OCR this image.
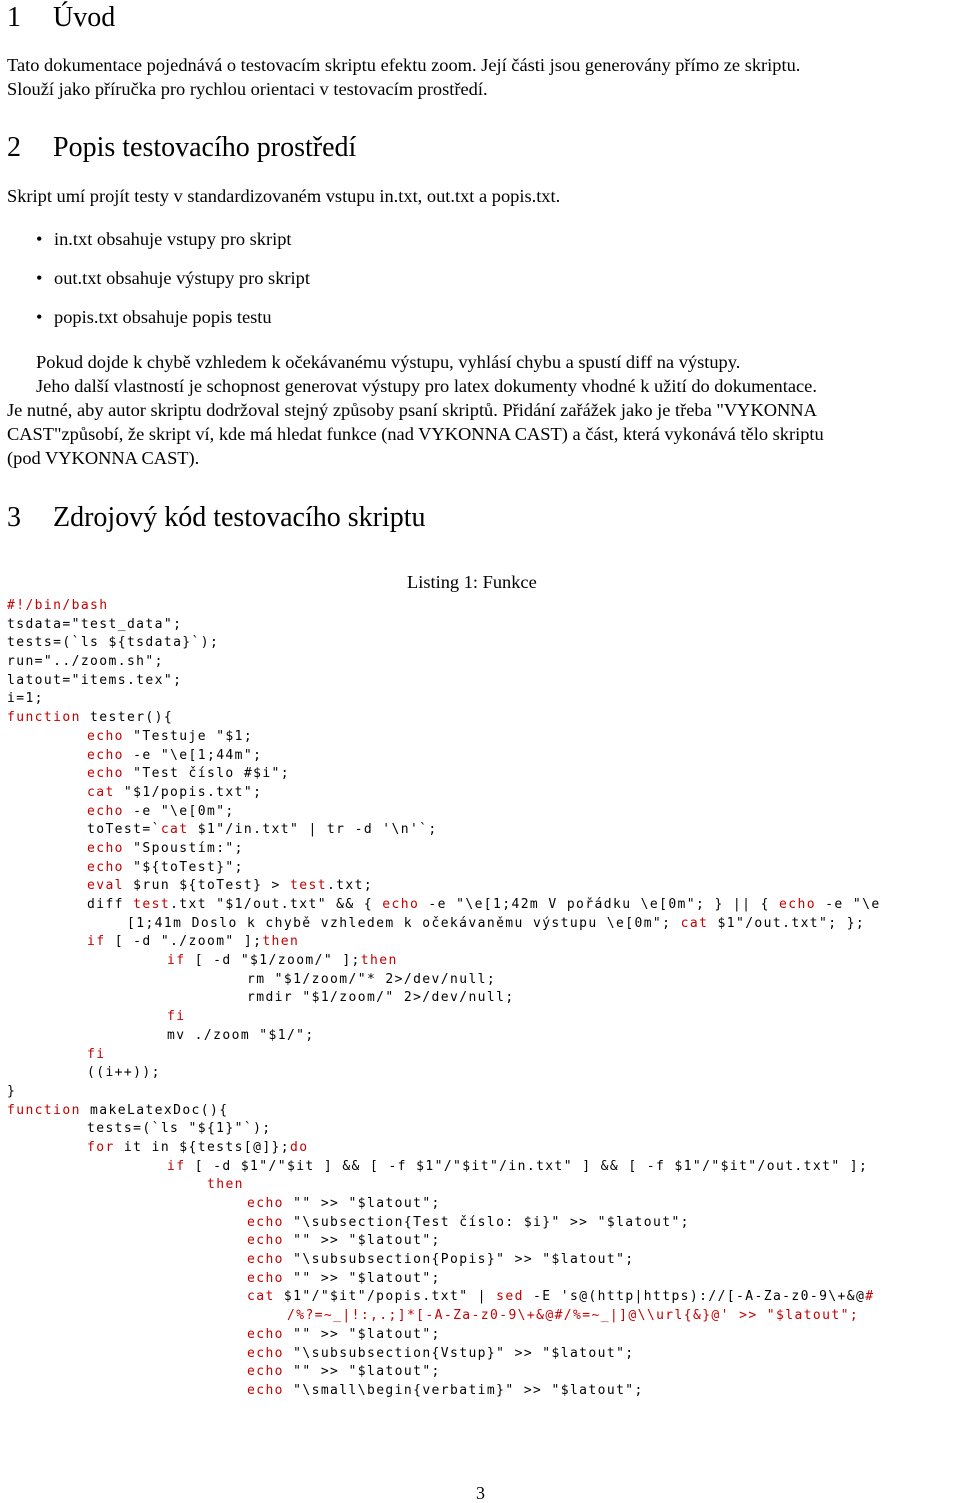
1 Úvod

Tato dokumentace pojednává o testovacím skriptu efektu zoom. Její části jsou generovány přímo ze skriptu.
Slouží jako příručka pro rychlou orientaci v testovacím prostředí.

2 Popis testovacího prostředí

Skript umí projít testy v standardizovaném vstupu in.txt, out.txt a popis.txt.

• in.txt obsahuje vstupy pro skript
• out.txt obsahuje výstupy pro skript
• popis.txt obsahuje popis testu

Pokud dojde k chybě vzhledem k očekávanému výstupu, vyhlásí chybu a spustí diff na výstupy.
Jeho další vlastností je schopnost generovat výstupy pro latex dokumenty vhodné k užití do dokumentace.
Je nutné, aby autor skriptu dodržoval stejný způsoby psaní skriptů. Přidání zařážek jako je třeba "VYKONNA
CAST"způsobí, že skript ví, kde má hledat funkce (nad VYKONNA CAST) a část, která vykonává tělo skriptu
(pod VYKONNA CAST).

3 Zdrojový kód testovacího skriptu
Listing 1: Funkce
#!/bin/bash
tsdata="test_data";
tests=(`ls ${tsdata}`);
run="../zoom.sh";
latout="items.tex";
i=1;
function tester(){
echo "Testuje "$1;
echo -e "\e[1;44m";
echo "Test číslo #$i";
cat "$1/popis.txt";
echo -e "\e[0m";
toTest=`cat $1"/in.txt" | tr -d '\n'`;
echo "Spoustím:";
echo "${toTest}";
eval $run ${toTest} > test.txt;
diff test.txt "$1/out.txt" && { echo -e "\e[1;42m V pořádku \e[0m"; } || { echo -e "\e
[1;41m Doslo k chybě vzhledem k očekávaněmu výstupu \e[0m"; cat $1"/out.txt"; };
if [ -d "./zoom" ];then
if [ -d "$1/zoom/" ];then
rm "$1/zoom/"* 2>/dev/null;
rmdir "$1/zoom/" 2>/dev/null;
fi
mv ./zoom "$1/";
fi
((i++));
}
function makeLatexDoc(){
tests=(`ls "${1}"`);
for it in ${tests[@]};do
if [ -d $1"/"$it ] && [ -f $1"/"$it"/in.txt" ] && [ -f $1"/"$it"/out.txt" ];
then
echo "" >> "$latout";
echo "\subsection{Test číslo: $i}" >> "$latout";
echo "" >> "$latout";
echo "\subsubsection{Popis}" >> "$latout";
echo "" >> "$latout";
cat $1"/"$it"/popis.txt" | sed -E 's@(http|https)://[-A-Za-z0-9\+&@#
/%?=~_|!:,.;]*[-A-Za-z0-9\+&@#/%=~_|]@\\url{&}@' >> "$latout";
echo "" >> "$latout";
echo "\subsubsection{Vstup}" >> "$latout";
echo "" >> "$latout";
echo "\small\begin{verbatim}" >> "$latout";
3
